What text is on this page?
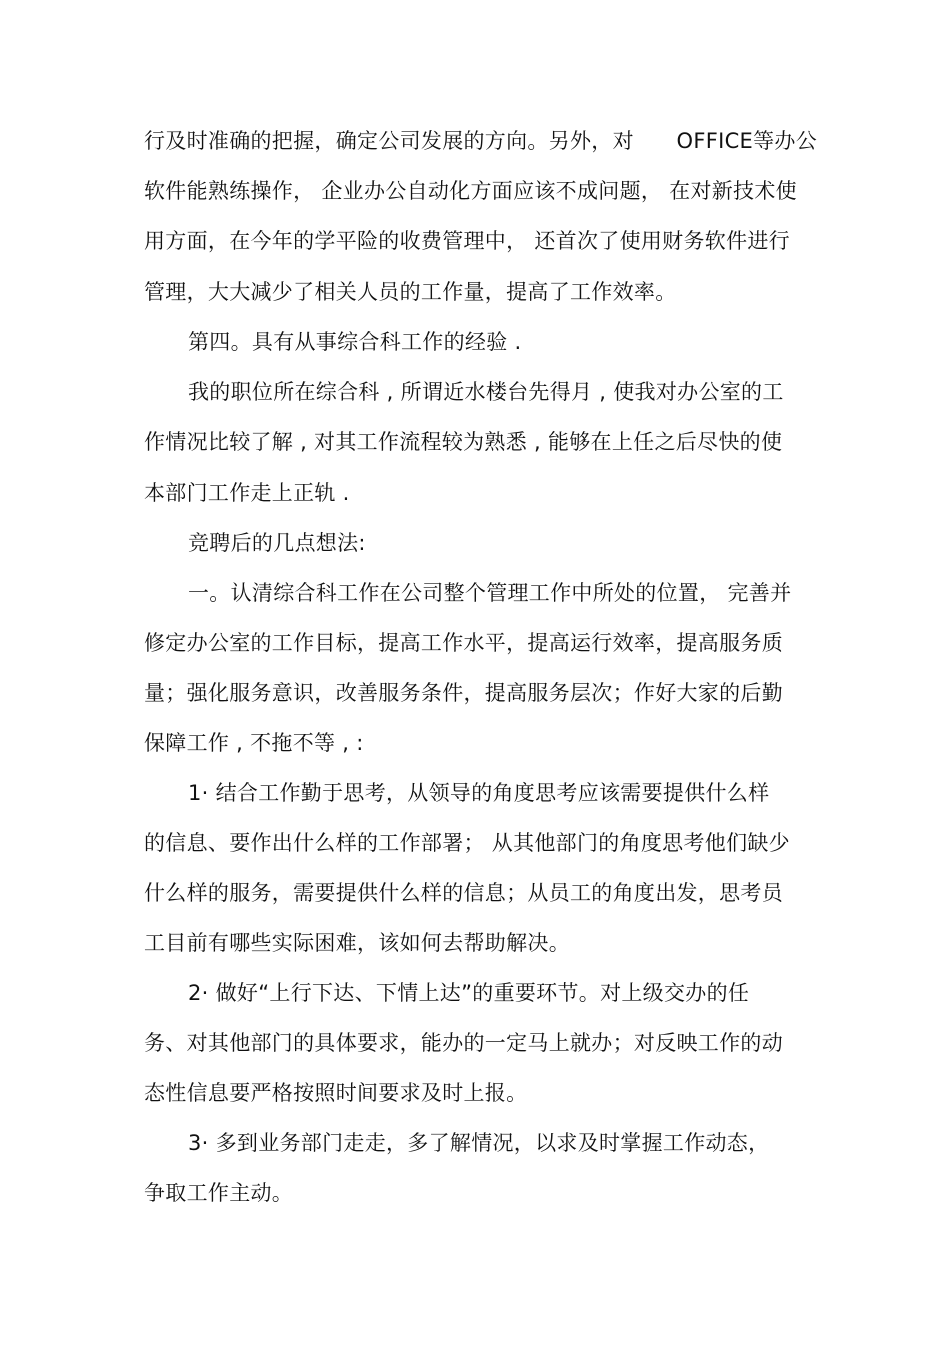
行及时准确的把握，确定公司发展的方向。另外，对　　OFFICE等办公
软件能熟练操作， 企业办公自动化方面应该不成问题， 在对新技术使
用方面，在今年的学平险的收费管理中， 还首次了使用财务软件进行
管理，大大减少了相关人员的工作量，提高了工作效率。
第四。具有从事综合科工作的经验 .
我的职位所在综合科 , 所谓近水楼台先得月 , 使我对办公室的工
作情况比较了解 , 对其工作流程较为熟悉 , 能够在上任之后尽快的使
本部门工作走上正轨 .
竞聘后的几点想法:
一。认清综合科工作在公司整个管理工作中所处的位置， 完善并
修定办公室的工作目标，提高工作水平，提高运行效率，提高服务质
量；强化服务意识，改善服务条件，提高服务层次；作好大家的后勤
保障工作 , 不拖不等 , :
1· 结合工作勤于思考，从领导的角度思考应该需要提供什么样
的信息、要作出什么样的工作部署； 从其他部门的角度思考他们缺少
什么样的服务，需要提供什么样的信息；从员工的角度出发，思考员
工目前有哪些实际困难，该如何去帮助解决。
2· 做好“上行下达、下情上达”的重要环节。对上级交办的任
务、对其他部门的具体要求，能办的一定马上就办；对反映工作的动
态性信息要严格按照时间要求及时上报。
3· 多到业务部门走走，多了解情况，以求及时掌握工作动态，
争取工作主动。
